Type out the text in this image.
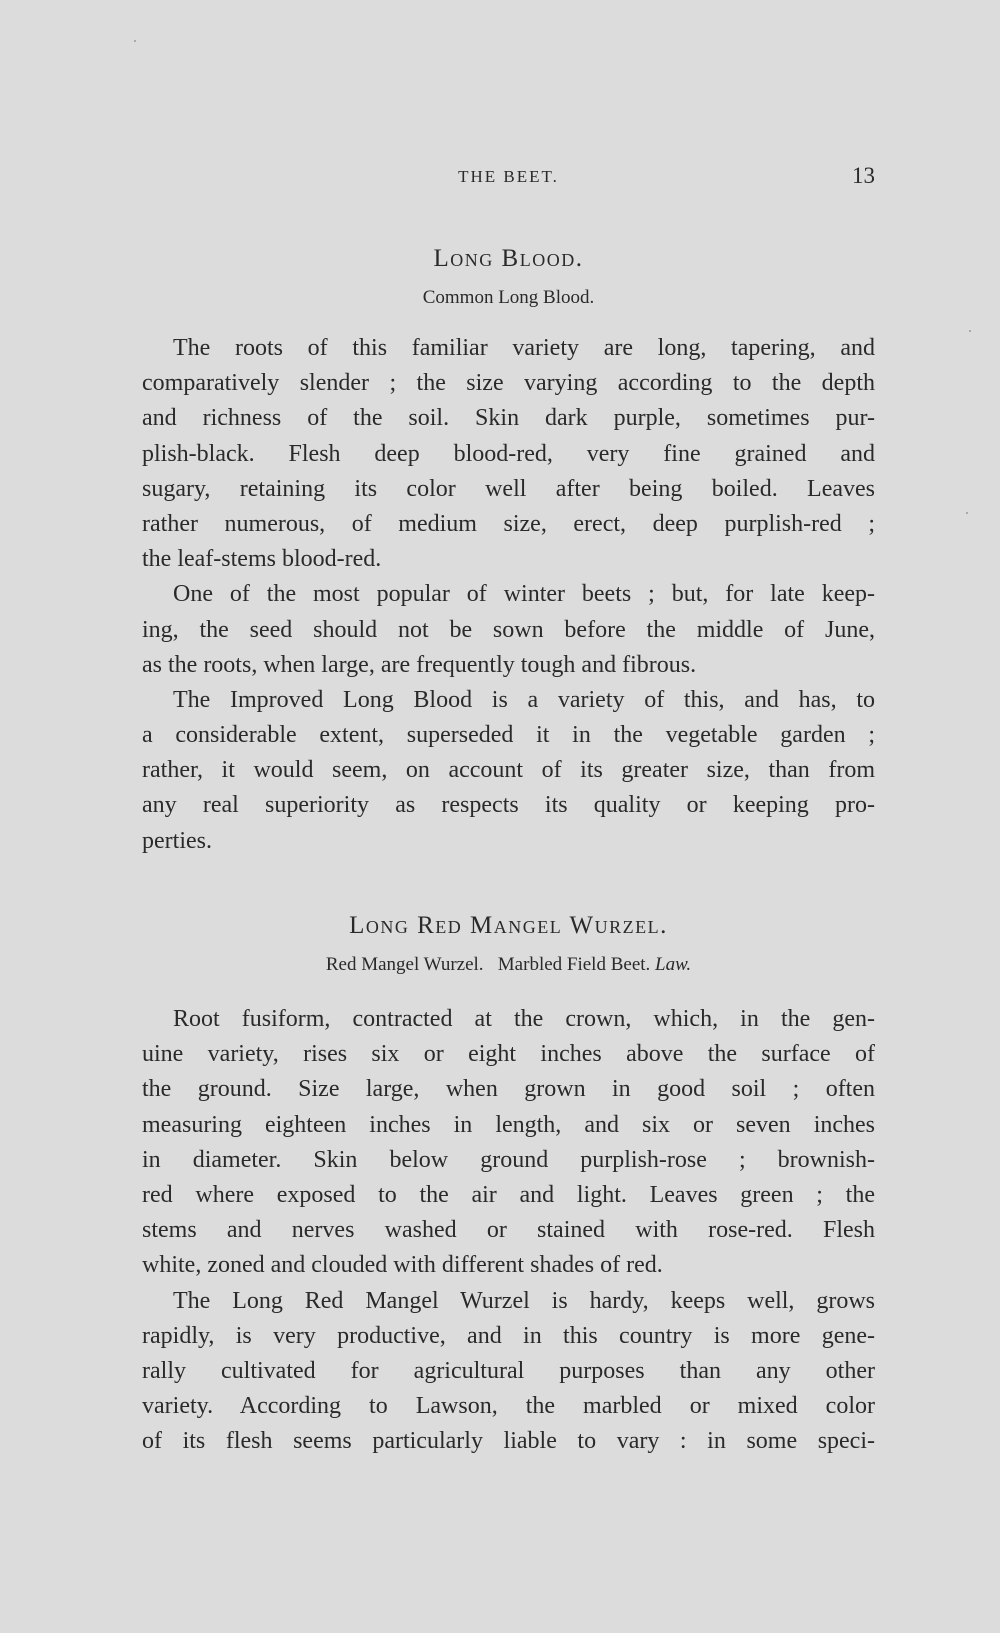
THE BEET.	13
Long Blood.

Common Long Blood.

The roots of this familiar variety are long, tapering, and
comparatively slender ; the size varying according to the depth
and richness of the soil. Skin dark purple, sometimes pur-
plish-black. Flesh deep blood-red, very fine grained and
sugary, retaining its color well after being boiled. Leaves
rather numerous, of medium size, erect, deep purplish-red ;
the leaf-stems blood-red.
One of the most popular of winter beets ; but, for late keep-
ing, the seed should not be sown before the middle of June,
as the roots, when large, are frequently tough and fibrous.
The Improved Long Blood is a variety of this, and has, to
a considerable extent, superseded it in the vegetable garden ;
rather, it would seem, on account of its greater size, than from
any real superiority as respects its quality or keeping pro-
perties.
Long Red Mangel Wurzel.

Red Mangel Wurzel.   Marbled Field Beet. Law.

Root fusiform, contracted at the crown, which, in the gen-
uine variety, rises six or eight inches above the surface of
the ground. Size large, when grown in good soil ; often
measuring eighteen inches in length, and six or seven inches
in diameter. Skin below ground purplish-rose ; brownish-
red where exposed to the air and light. Leaves green ; the
stems and nerves washed or stained with rose-red. Flesh
white, zoned and clouded with different shades of red.
The Long Red Mangel Wurzel is hardy, keeps well, grows
rapidly, is very productive, and in this country is more gene-
rally cultivated for agricultural purposes than any other
variety. According to Lawson, the marbled or mixed color
of its flesh seems particularly liable to vary : in some speci-
